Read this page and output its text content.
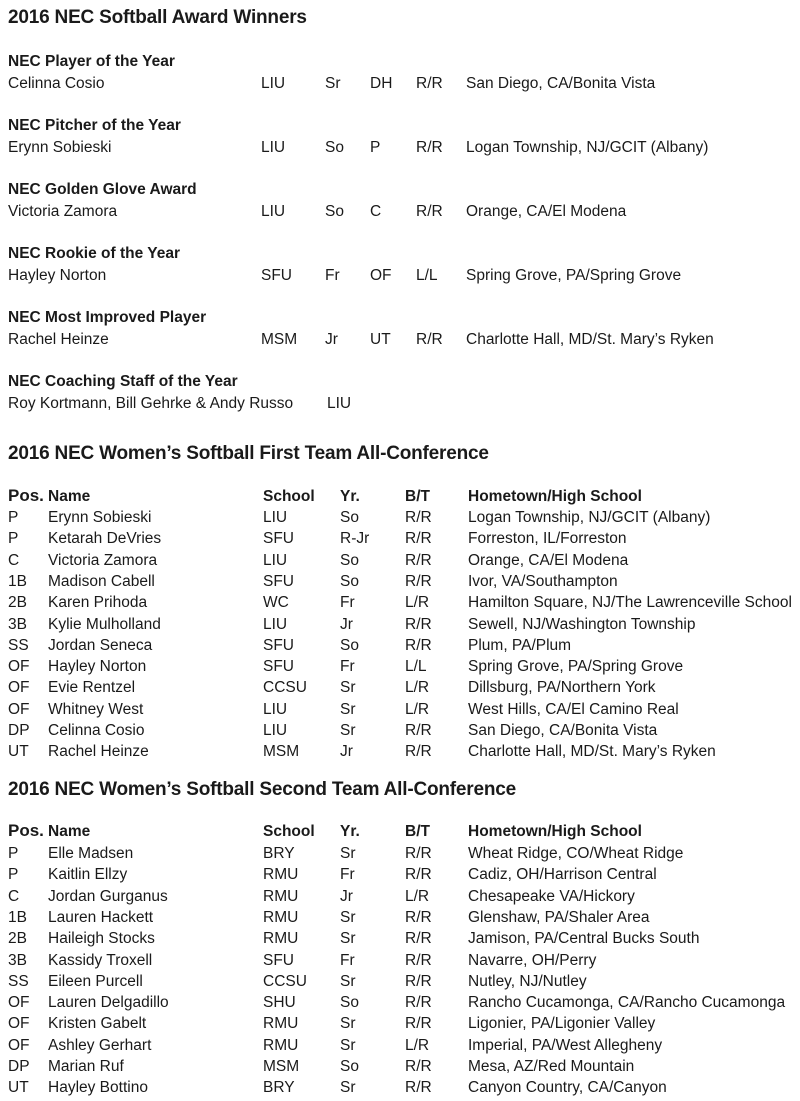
2016 NEC Softball Award Winners
NEC Player of the Year
Celinna Cosio	LIU	Sr DH R/R San Diego, CA/Bonita Vista
NEC Pitcher of the Year
Erynn Sobieski	LIU	So P R/R Logan Township, NJ/GCIT (Albany)
NEC Golden Glove Award
Victoria Zamora	LIU	So C R/R Orange, CA/El Modena
NEC Rookie of the Year
Hayley Norton	SFU Fr OF L/L Spring Grove, PA/Spring Grove
NEC Most Improved Player
Rachel Heinze	MSM Jr UT R/R Charlotte Hall, MD/St. Mary’s Ryken
NEC Coaching Staff of the Year
Roy Kortmann, Bill Gehrke & Andy Russo LIU
2016 NEC Women’s Softball First Team All-Conference
Pos. Name	School Yr.	B/T Hometown/High School
P Erynn Sobieski	LIU	So	R/R Logan Township, NJ/GCIT (Albany)
P Ketarah DeVries	SFU	R-Jr R/R Forreston, IL/Forreston
C Victoria Zamora	LIU	So	R/R Orange, CA/El Modena
1B Madison Cabell	SFU	So	R/R Ivor, VA/Southampton
2B Karen Prihoda	WC	Fr	L/R	Hamilton Square, NJ/The Lawrenceville School
3B Kylie Mulholland	LIU	Jr	R/R Sewell, NJ/Washington Township
SS Jordan Seneca	SFU	So	R/R Plum, PA/Plum
OF Hayley Norton	SFU	Fr	L/L	Spring Grove, PA/Spring Grove
OF Evie Rentzel	CCSU Sr	L/R	Dillsburg, PA/Northern York
OF Whitney West	LIU	Sr	L/R	West Hills, CA/El Camino Real
DP Celinna Cosio	LIU	Sr	R/R San Diego, CA/Bonita Vista
UT Rachel Heinze	MSM	Jr	R/R Charlotte Hall, MD/St. Mary’s Ryken
2016 NEC Women’s Softball Second Team All-Conference
Pos. Name	School Yr.	B/T Hometown/High School
P Elle Madsen	BRY	Sr	R/R Wheat Ridge, CO/Wheat Ridge
P Kaitlin Ellzy	RMU	Fr	R/R Cadiz, OH/Harrison Central
C Jordan Gurganus	RMU	Jr	L/R	Chesapeake VA/Hickory
1B Lauren Hackett	RMU	Sr	R/R Glenshaw, PA/Shaler Area
2B Haileigh Stocks	RMU	Sr	R/R Jamison, PA/Central Bucks South
3B Kassidy Troxell	SFU	Fr	R/R Navarre, OH/Perry
SS Eileen Purcell	CCSU Sr	R/R Nutley, NJ/Nutley
OF Lauren Delgadillo	SHU	So	R/R Rancho Cucamonga, CA/Rancho Cucamonga
OF Kristen Gabelt	RMU	Sr	R/R Ligonier, PA/Ligonier Valley
OF Ashley Gerhart	RMU	Sr	L/R	Imperial, PA/West Allegheny
DP Marian Ruf	MSM	So	R/R Mesa, AZ/Red Mountain
UT Hayley Bottino	BRY	Sr	R/R Canyon Country, CA/Canyon
